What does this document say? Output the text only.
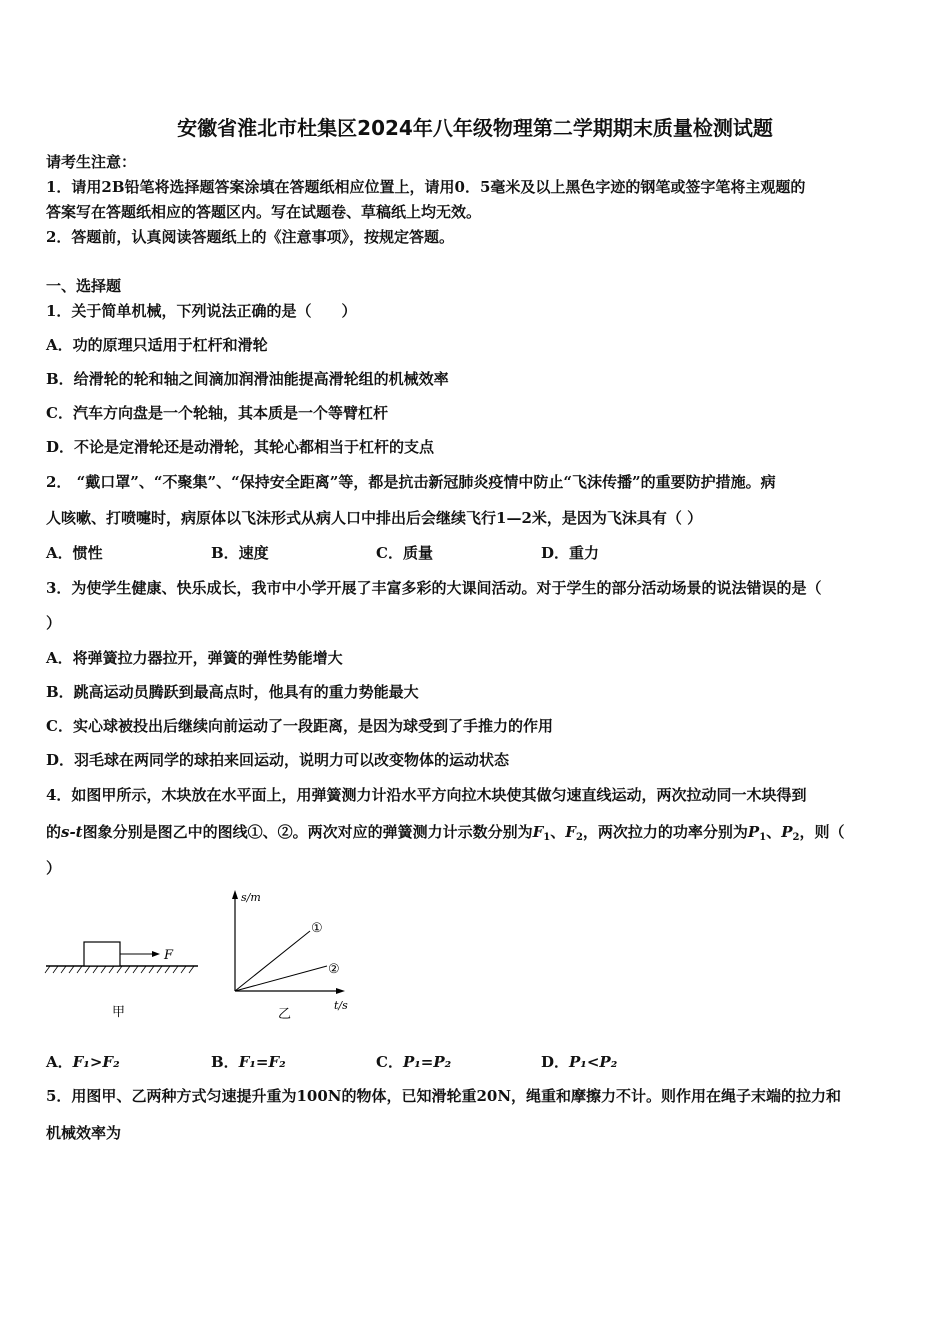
安徽省淮北市杜集区2024年八年级物理第二学期期末质量检测试题
请考生注意：
1．请用2B铅笔将选择题答案涂填在答题纸相应位置上，请用0．5毫米及以上黑色字迹的钢笔或签字笔将主观题的
答案写在答题纸相应的答题区内。写在试题卷、草稿纸上均无效。
2．答题前，认真阅读答题纸上的《注意事项》，按规定答题。
一、选择题
1．关于简单机械，下列说法正确的是（　　）
A．功的原理只适用于杠杆和滑轮
B．给滑轮的轮和轴之间滴加润滑油能提高滑轮组的机械效率
C．汽车方向盘是一个轮轴，其本质是一个等臂杠杆
D．不论是定滑轮还是动滑轮，其轮心都相当于杠杆的支点
2． “戴口罩”、“不聚集”、“保持安全距离”等，都是抗击新冠肺炎疫情中防止“飞沫传播”的重要防护措施。病
人咳嗽、打喷嚏时，病原体以飞沫形式从病人口中排出后会继续飞行1—2米，是因为飞沫具有（ ）
A．惯性	B．速度	C．质量	D．重力
3．为使学生健康、快乐成长，我市中小学开展了丰富多彩的大课间活动。对于学生的部分活动场景的说法错误的是（
）
A．将弹簧拉力器拉开，弹簧的弹性势能增大
B．跳高运动员腾跃到最高点时，他具有的重力势能最大
C．实心球被投出后继续向前运动了一段距离，是因为球受到了手推力的作用
D．羽毛球在两同学的球拍来回运动，说明力可以改变物体的运动状态
4．如图甲所示，木块放在水平面上，用弹簧测力计沿水平方向拉木块使其做匀速直线运动，两次拉动同一木块得到
的s-t图象分别是图乙中的图线①、②。两次对应的弹簧测力计示数分别为$F_1$、$F_2$，两次拉力的功率分别为$P_1$、$P_2$，则（
）
F
甲
s/m
t/s
①
②
乙
A．F₁>F₂	B．F₁=F₂	C．P₁=P₂	D．P₁<P₂
5．用图甲、乙两种方式匀速提升重为100N的物体，已知滑轮重20N，绳重和摩擦力不计。则作用在绳子末端的拉力和
机械效率为
